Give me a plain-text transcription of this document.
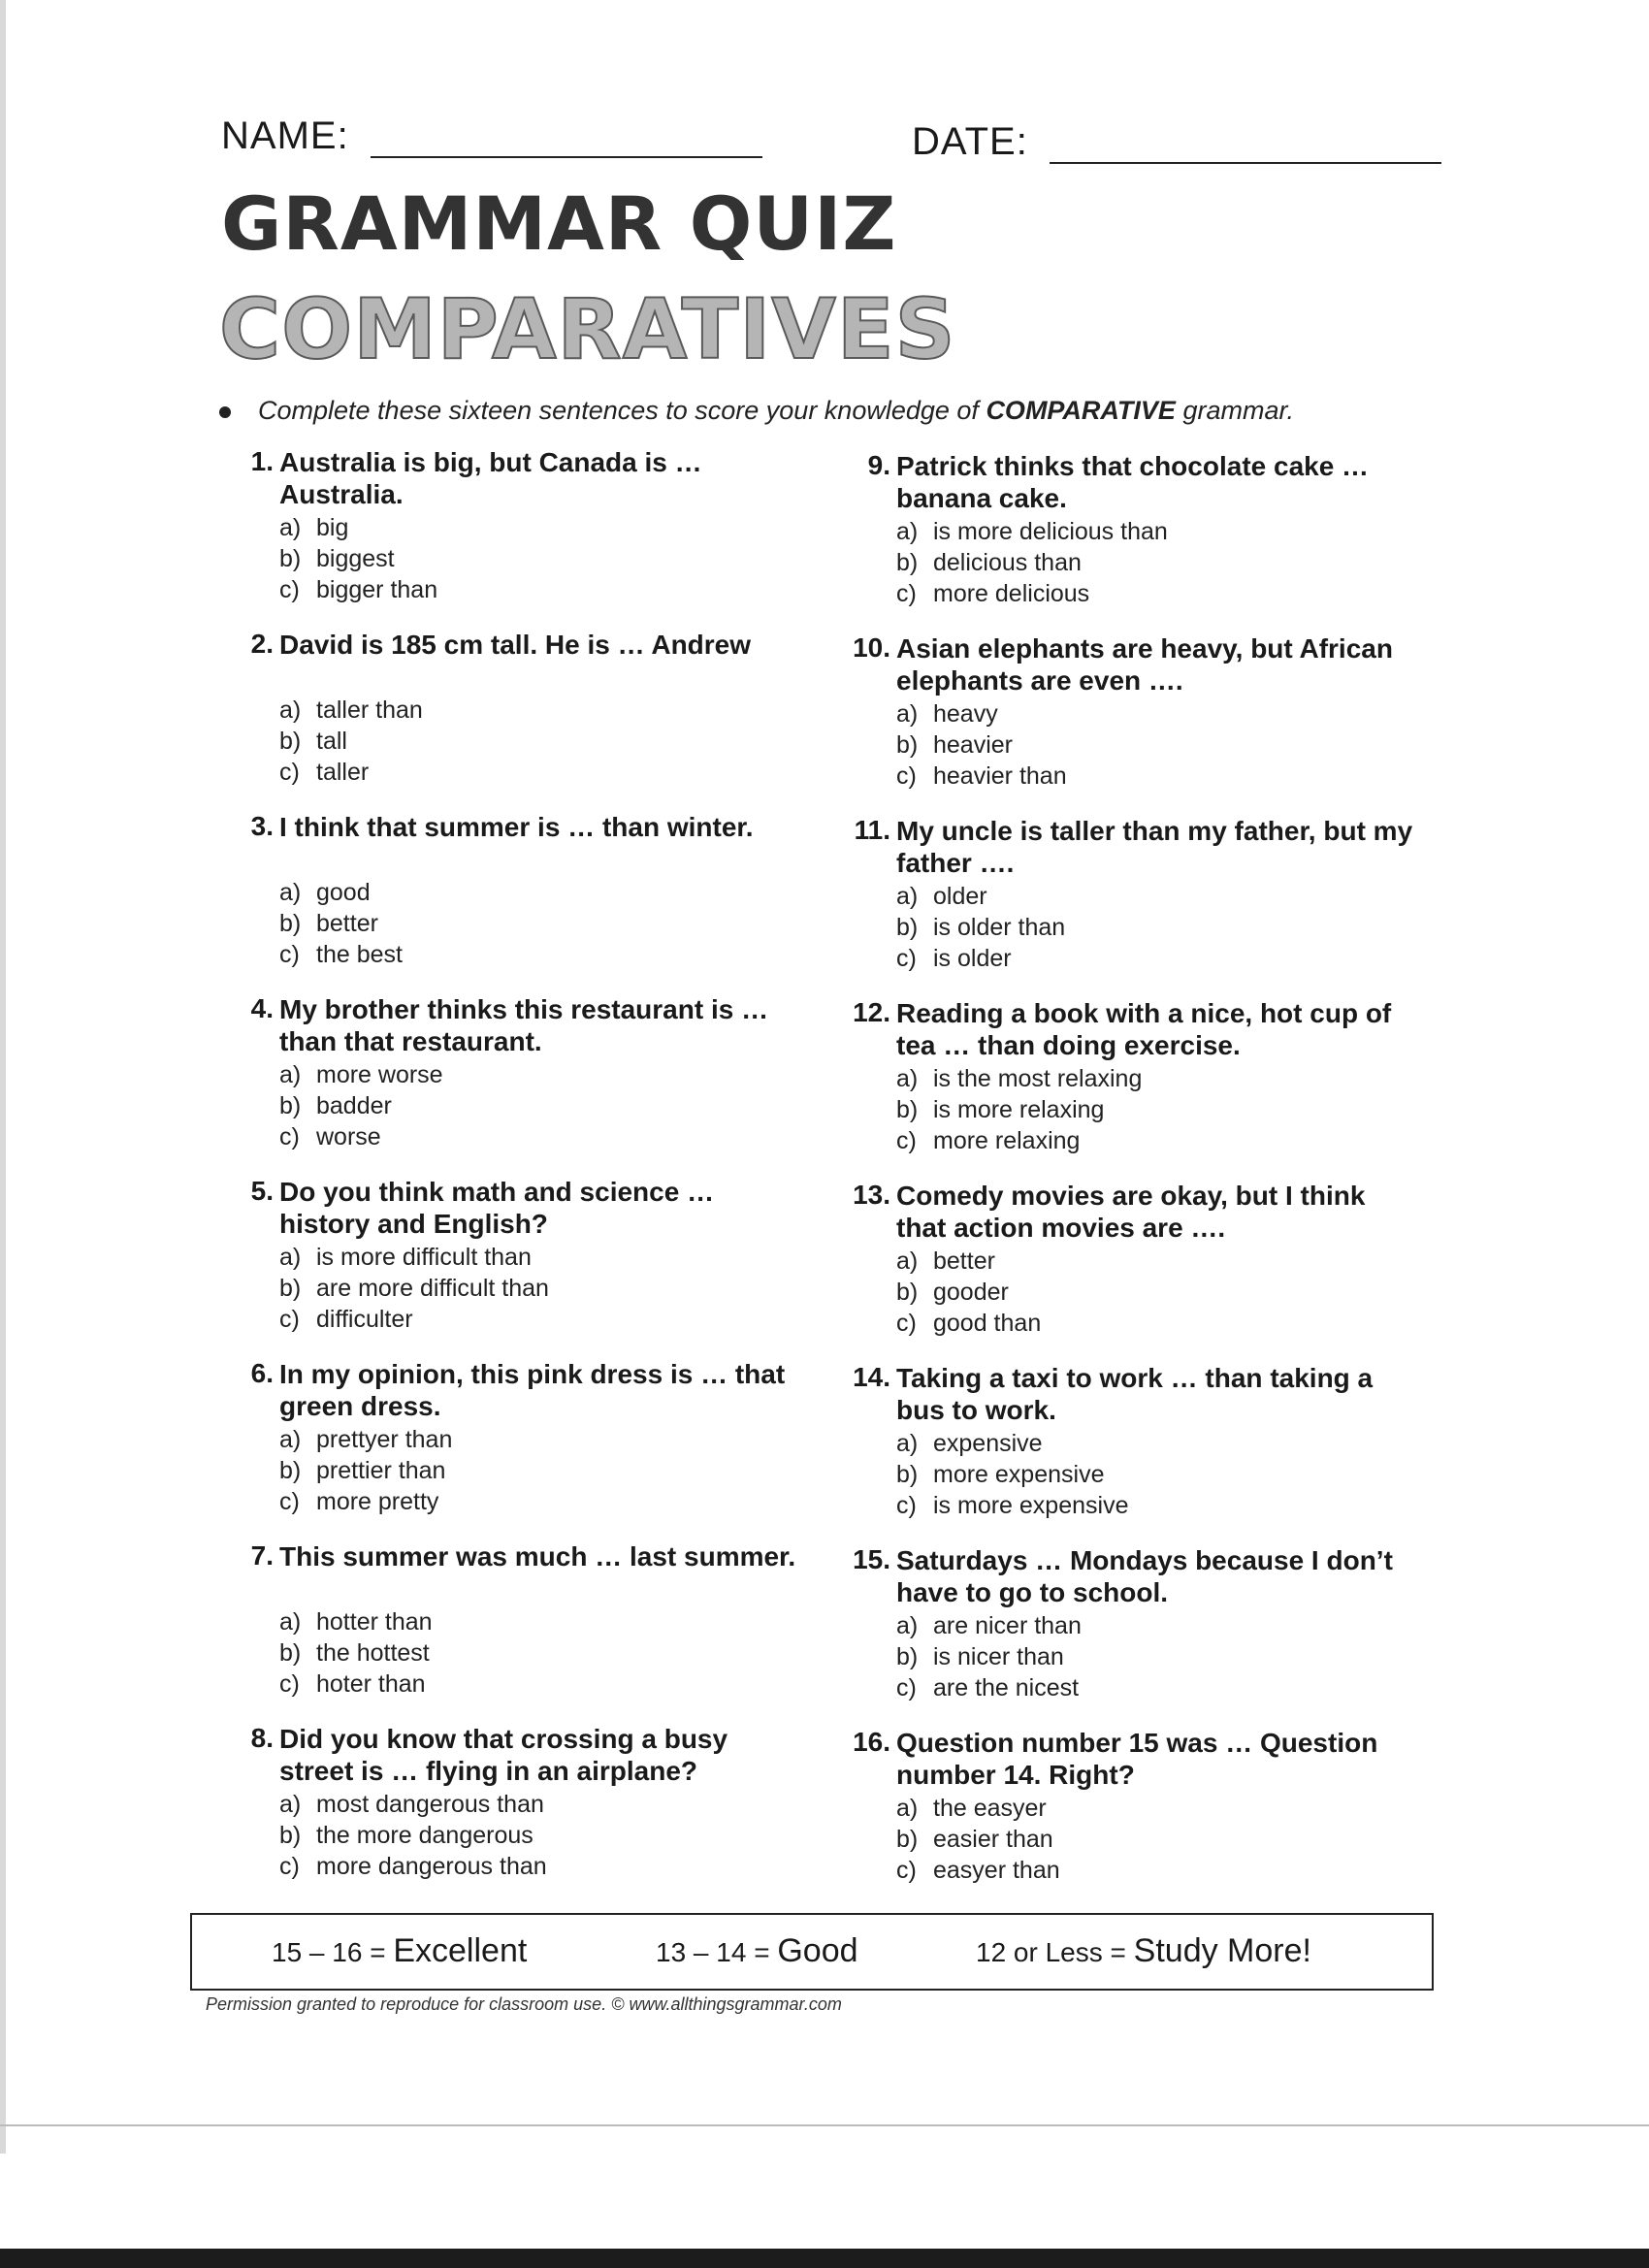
NAME:	DATE:
GRAMMAR QUIZ
COMPARATIVES
Complete these sixteen sentences to score your knowledge of COMPARATIVE grammar.
1. Australia is big, but Canada is … Australia.
a) big
b) biggest
c) bigger than
2. David is 185 cm tall. He is … Andrew
a) taller than
b) tall
c) taller
3. I think that summer is … than winter.
a) good
b) better
c) the best
4. My brother thinks this restaurant is … than that restaurant.
a) more worse
b) badder
c) worse
5. Do you think math and science … history and English?
a) is more difficult than
b) are more difficult than
c) difficulter
6. In my opinion, this pink dress is … that green dress.
a) prettyer than
b) prettier than
c) more pretty
7. This summer was much … last summer.
a) hotter than
b) the hottest
c) hoter than
8. Did you know that crossing a busy street is … flying in an airplane?
a) most dangerous than
b) the more dangerous
c) more dangerous than
9. Patrick thinks that chocolate cake … banana cake.
a) is more delicious than
b) delicious than
c) more delicious
10. Asian elephants are heavy, but African elephants are even ….
a) heavy
b) heavier
c) heavier than
11. My uncle is taller than my father, but my father ….
a) older
b) is older than
c) is older
12. Reading a book with a nice, hot cup of tea … than doing exercise.
a) is the most relaxing
b) is more relaxing
c) more relaxing
13. Comedy movies are okay, but I think that action movies are ….
a) better
b) gooder
c) good than
14. Taking a taxi to work … than taking a bus to work.
a) expensive
b) more expensive
c) is more expensive
15. Saturdays … Mondays because I don’t have to go to school.
a) are nicer than
b) is nicer than
c) are the nicest
16. Question number 15 was … Question number 14. Right?
a) the easyer
b) easier than
c) easyer than
15 – 16 = Excellent	13 – 14 = Good	12 or Less = Study More!
Permission granted to reproduce for classroom use. © www.allthingsgrammar.com
